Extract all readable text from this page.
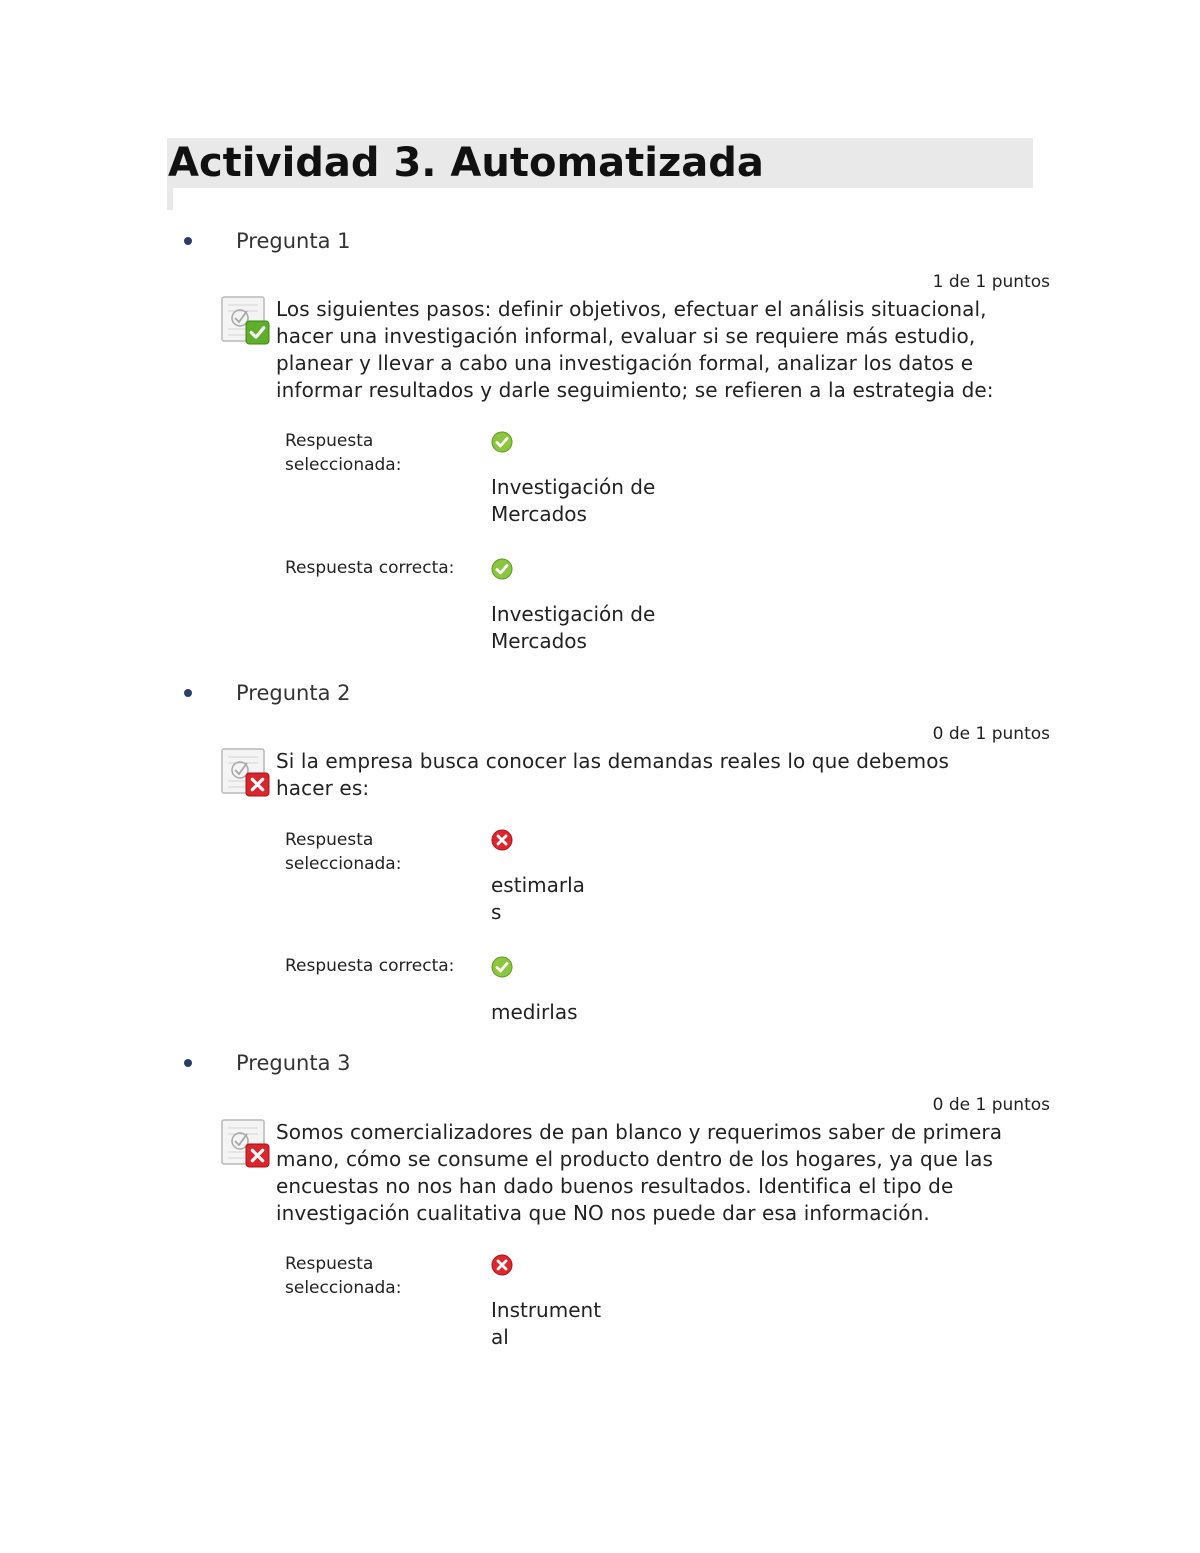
Actividad 3. Automatizada
Pregunta 1
1 de 1 puntos
Los siguientes pasos: definir objetivos, efectuar el análisis situacional,
hacer una investigación informal, evaluar si se requiere más estudio,
planear y llevar a cabo una investigación formal, analizar los datos e
informar resultados y darle seguimiento; se refieren a la estrategia de:
Respuesta seleccionada:
Investigación de
Mercados
Respuesta correcta:
Investigación de
Mercados
Pregunta 2
0 de 1 puntos
Si la empresa busca conocer las demandas reales lo que debemos
hacer es:
Respuesta seleccionada:
estimarla
s
Respuesta correcta:
medirlas
Pregunta 3
0 de 1 puntos
Somos comercializadores de pan blanco y requerimos saber de primera
mano, cómo se consume el producto dentro de los hogares, ya que las
encuestas no nos han dado buenos resultados. Identifica el tipo de
investigación cualitativa que NO nos puede dar esa información.
Respuesta seleccionada:
Instrument
al
